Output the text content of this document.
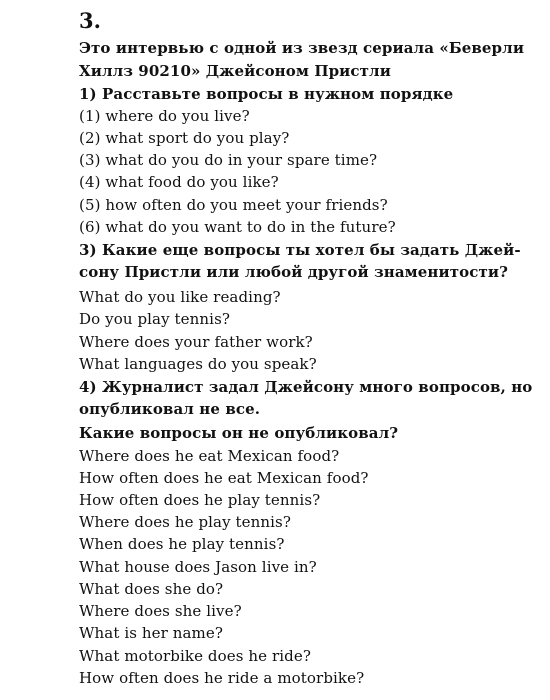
3.
Это интервью с одной из звезд сериала «Беверли
Хиллз 90210» Джейсоном Пристли
1) Расставьте вопросы в нужном порядке
(1) where do you live?
(2) what sport do you play?
(3) what do you do in your spare time?
(4) what food do you like?
(5) how often do you meet your friends?
(6) what do you want to do in the future?
3) Какие еще вопросы ты хотел бы задать Джей-
сону Пристли или любой другой знаменитости?
What do you like reading?
Do you play tennis?
Where does your father work?
What languages do you speak?
4) Журналист задал Джейсону много вопросов, но
опубликовал не все.
Какие вопросы он не опубликовал?
Where does he eat Mexican food?
How often does he eat Mexican food?
How often does he play tennis?
Where does he play tennis?
When does he play tennis?
What house does Jason live in?
What does she do?
Where does she live?
What is her name?
What motorbike does he ride?
How often does he ride a motorbike?
